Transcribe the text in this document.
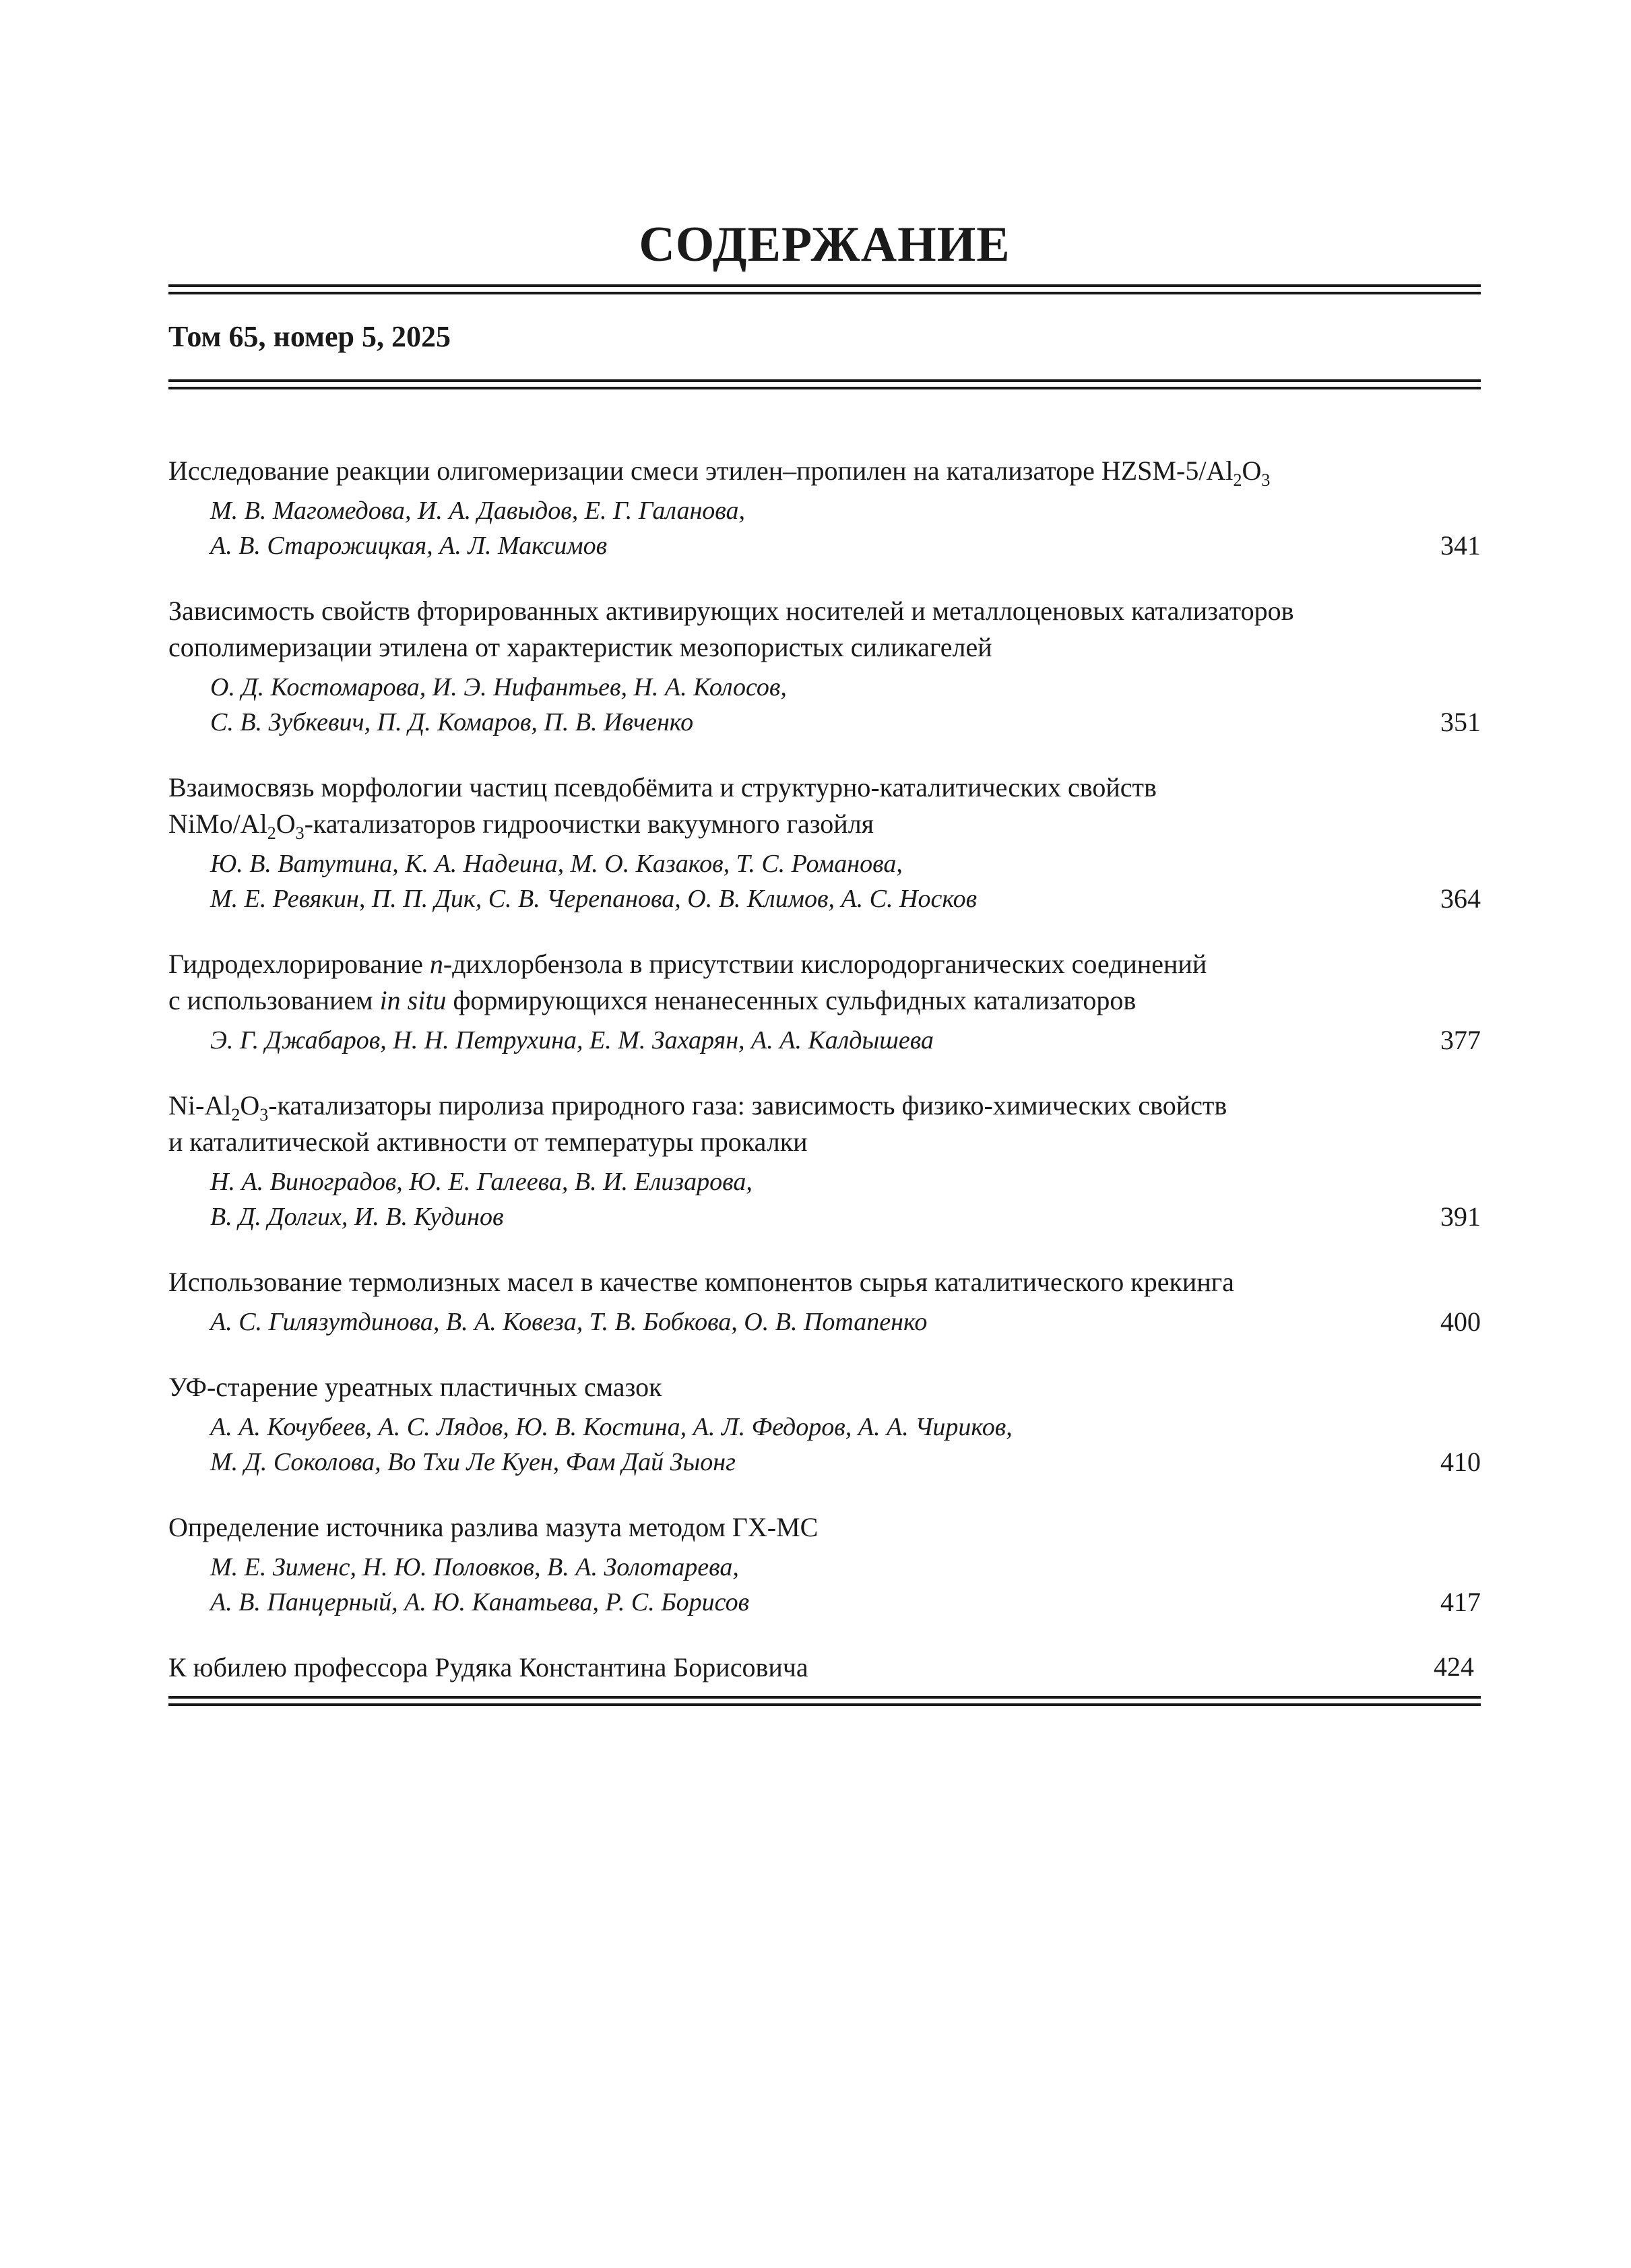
СОДЕРЖАНИЕ
Том 65, номер 5, 2025
Исследование реакции олигомеризации смеси этилен–пропилен на катализаторе HZSM-$5/Al_2O_3$
М. В. Магомедова, И. А. Давыдов, Е. Г. Галанова,
А. В. Старожицкая, А. Л. Максимов	341
Зависимость свойств фторированных активирующих носителей и металлоценовых катализаторов
сополимеризации этилена от характеристик мезопористых силикагелей
О. Д. Костомарова, И. Э. Нифантьев, Н. А. Колосов,
С. В. Зубкевич, П. Д. Комаров, П. В. Ивченко	351
Взаимосвязь морфологии частиц псевдобёмита и структурно-каталитических свойств
NiMo/$Al_2O_3$-катализаторов гидроочистки вакуумного газойля
Ю. В. Ватутина, К. А. Надеина, М. О. Казаков, Т. С. Романова,
М. Е. Ревякин, П. П. Дик, С. В. Черепанова, О. В. Климов, А. С. Носков	364
Гидродехлорирование п-дихлорбензола в присутствии кислородорганических соединений
с использованием in situ формирующихся ненанесенных сульфидных катализаторов
Э. Г. Джабаров, Н. Н. Петрухина, Е. М. Захарян, А. А. Калдышева	377
$Ni-Al_2O_3$-катализаторы пиролиза природного газа: зависимость физико-химических свойств
и каталитической активности от температуры прокалки
Н. А. Виноградов, Ю. Е. Галеева, В. И. Елизарова,
В. Д. Долгих, И. В. Кудинов	391
Использование термолизных масел в качестве компонентов сырья каталитического крекинга
А. С. Гилязутдинова, В. А. Ковеза, Т. В. Бобкова, О. В. Потапенко	400
УФ-старение уреатных пластичных смазок
А. А. Кочубеев, А. С. Лядов, Ю. В. Костина, А. Л. Федоров, А. А. Чириков,
М. Д. Соколова, Во Тхи Ле Куен, Фам Дай Зыонг	410
Определение источника разлива мазута методом ГХ-МС
М. Е. Зименс, Н. Ю. Половков, В. А. Золотарева,
А. В. Панцерный, А. Ю. Канатьева, Р. С. Борисов	417
К юбилею профессора Рудяка Константина Борисовича	424
